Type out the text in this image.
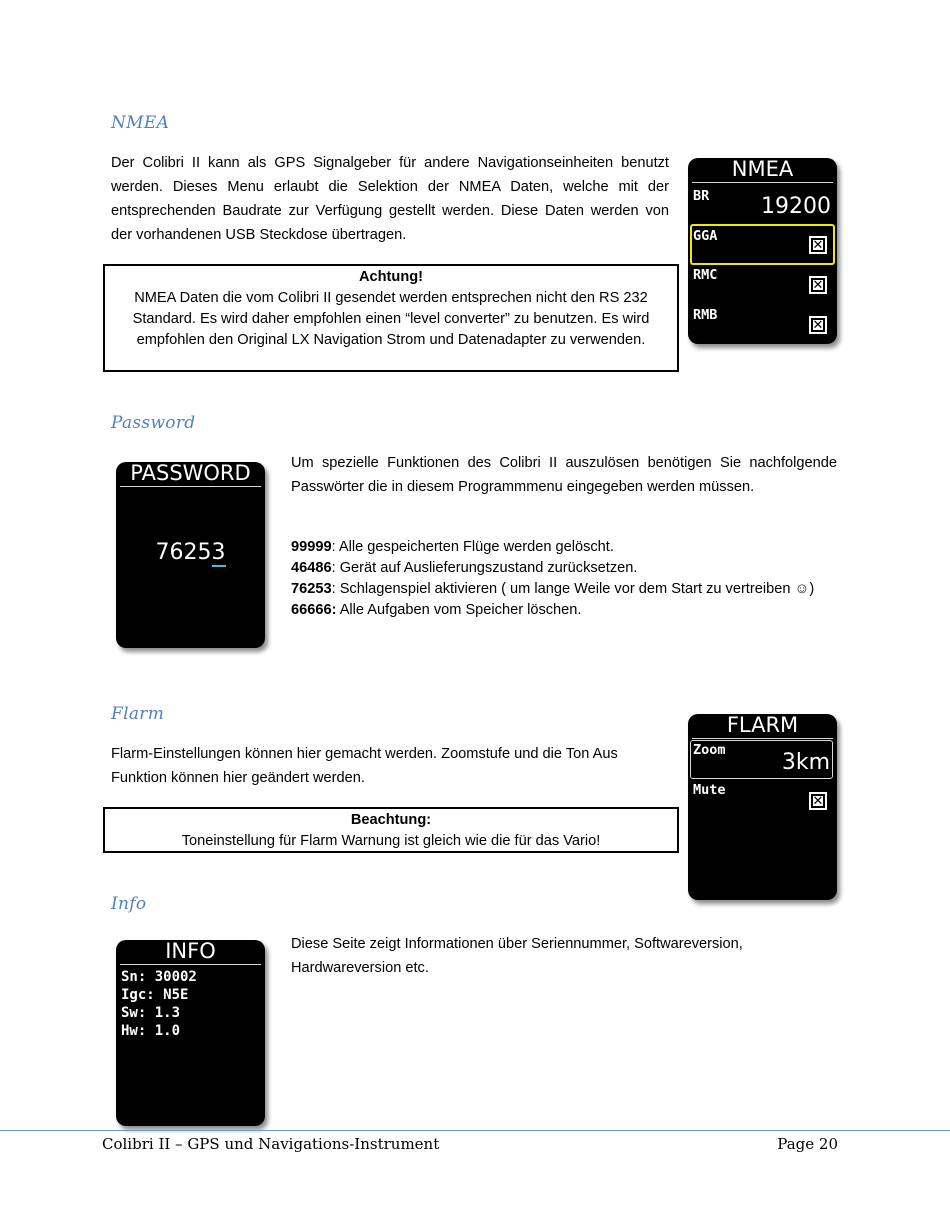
NMEA
Der Colibri II kann als GPS Signalgeber für andere Navigationseinheiten benutzt werden. Dieses Menu erlaubt die Selektion der NMEA Daten, welche mit der entsprechenden Baudrate zur Verfügung gestellt werden. Diese Daten werden von der vorhandenen USB Steckdose übertragen.
Achtung!
NMEA Daten die vom Colibri II gesendet werden entsprechen nicht den RS 232 Standard. Es wird daher empfohlen einen “level converter” zu benutzen. Es wird empfohlen den Original LX Navigation Strom und Datenadapter zu verwenden.
NMEA
BR 19200
GGA
✕
RMC
✕
RMB
✕
Password
PASSWORD
76253
Um spezielle Funktionen des Colibri II auszulösen benötigen Sie nachfolgende Passwörter die in diesem Programmmenu eingegeben werden müssen.
99999: Alle gespeicherten Flüge werden gelöscht.
46486: Gerät auf Auslieferungszustand zurücksetzen.
76253: Schlagenspiel aktivieren ( um lange Weile vor dem Start zu vertreiben ☺)
66666: Alle Aufgaben vom Speicher löschen.
Flarm
Flarm-Einstellungen können hier gemacht werden. Zoomstufe und die Ton Aus Funktion können hier geändert werden.
Beachtung:
Toneinstellung für Flarm Warnung ist gleich wie die für das Vario!
FLARM
Zoom	3km
Mute
✕
Info
INFO
Sn: 30002
Igc: N5E
Sw: 1.3
Hw: 1.0
Diese Seite zeigt Informationen über Seriennummer, Softwareversion, Hardwareversion etc.
Colibri II – GPS und Navigations-Instrument	Page 20
